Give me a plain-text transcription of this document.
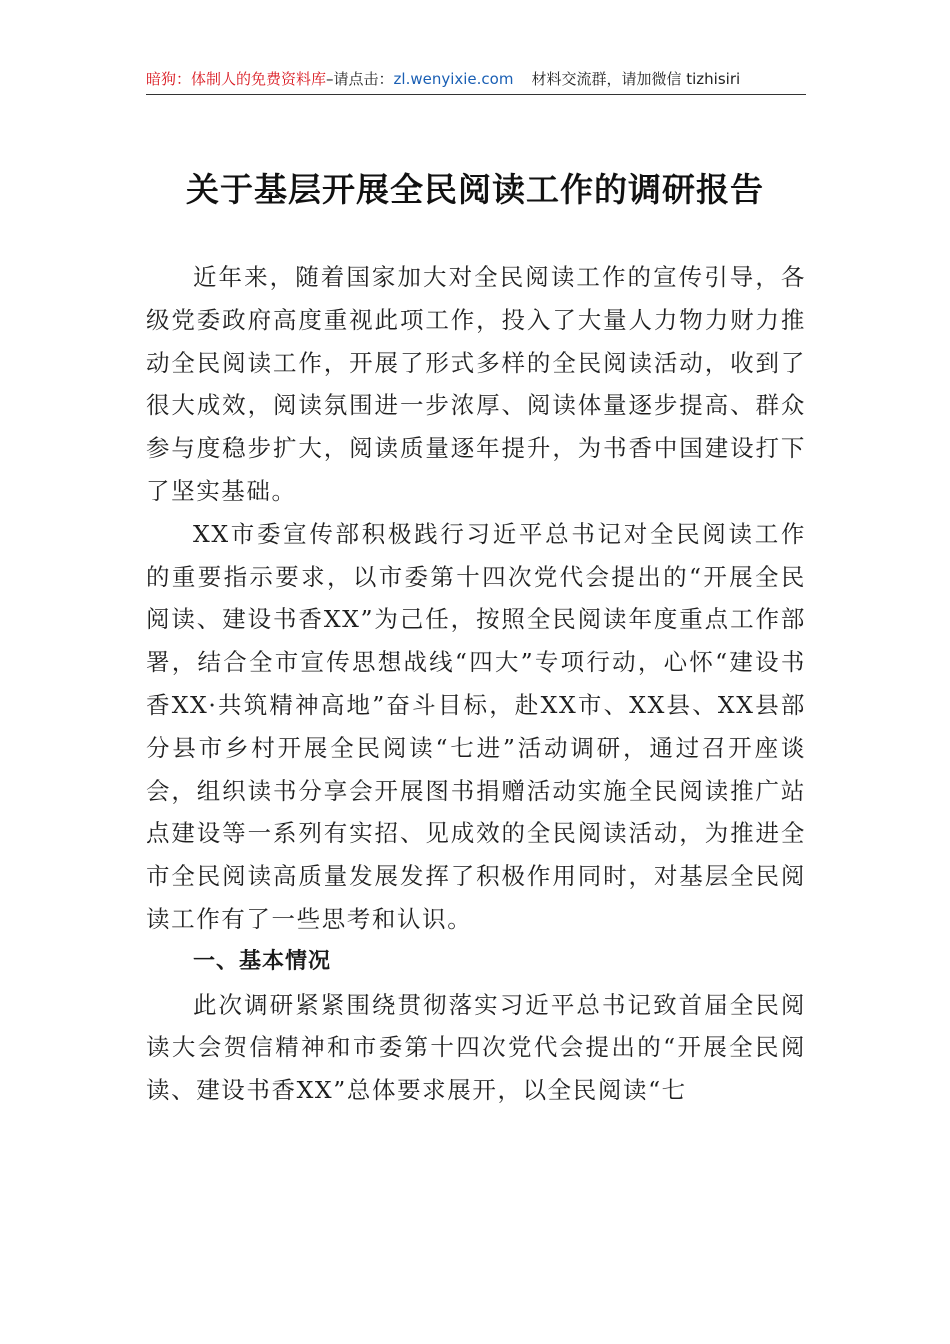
暗狗：体制人的免费资料库–请点击：zl.wenyixie.com 材料交流群，请加微信 tizhisiri
关于基层开展全民阅读工作的调研报告

近年来，随着国家加大对全民阅读工作的宣传引导，各级党委政府高度重视此项工作，投入了大量人力物力财力推动全民阅读工作，开展了形式多样的全民阅读活动，收到了很大成效，阅读氛围进一步浓厚、阅读体量逐步提高、群众参与度稳步扩大，阅读质量逐年提升，为书香中国建设打下了坚实基础。

XX市委宣传部积极践行习近平总书记对全民阅读工作的重要指示要求，以市委第十四次党代会提出的“开展全民阅读、建设书香XX”为己任，按照全民阅读年度重点工作部署，结合全市宣传思想战线“四大”专项行动，心怀“建设书香XX·共筑精神高地”奋斗目标，赴XX市、XX县、XX县部分县市乡村开展全民阅读“七进”活动调研，通过召开座谈会，组织读书分享会开展图书捐赠活动实施全民阅读推广站点建设等一系列有实招、见成效的全民阅读活动，为推进全市全民阅读高质量发展发挥了积极作用同时，对基层全民阅读工作有了一些思考和认识。

一、基本情况

此次调研紧紧围绕贯彻落实习近平总书记致首届全民阅读大会贺信精神和市委第十四次党代会提出的“开展全民阅读、建设书香XX”总体要求展开，以全民阅读“七
